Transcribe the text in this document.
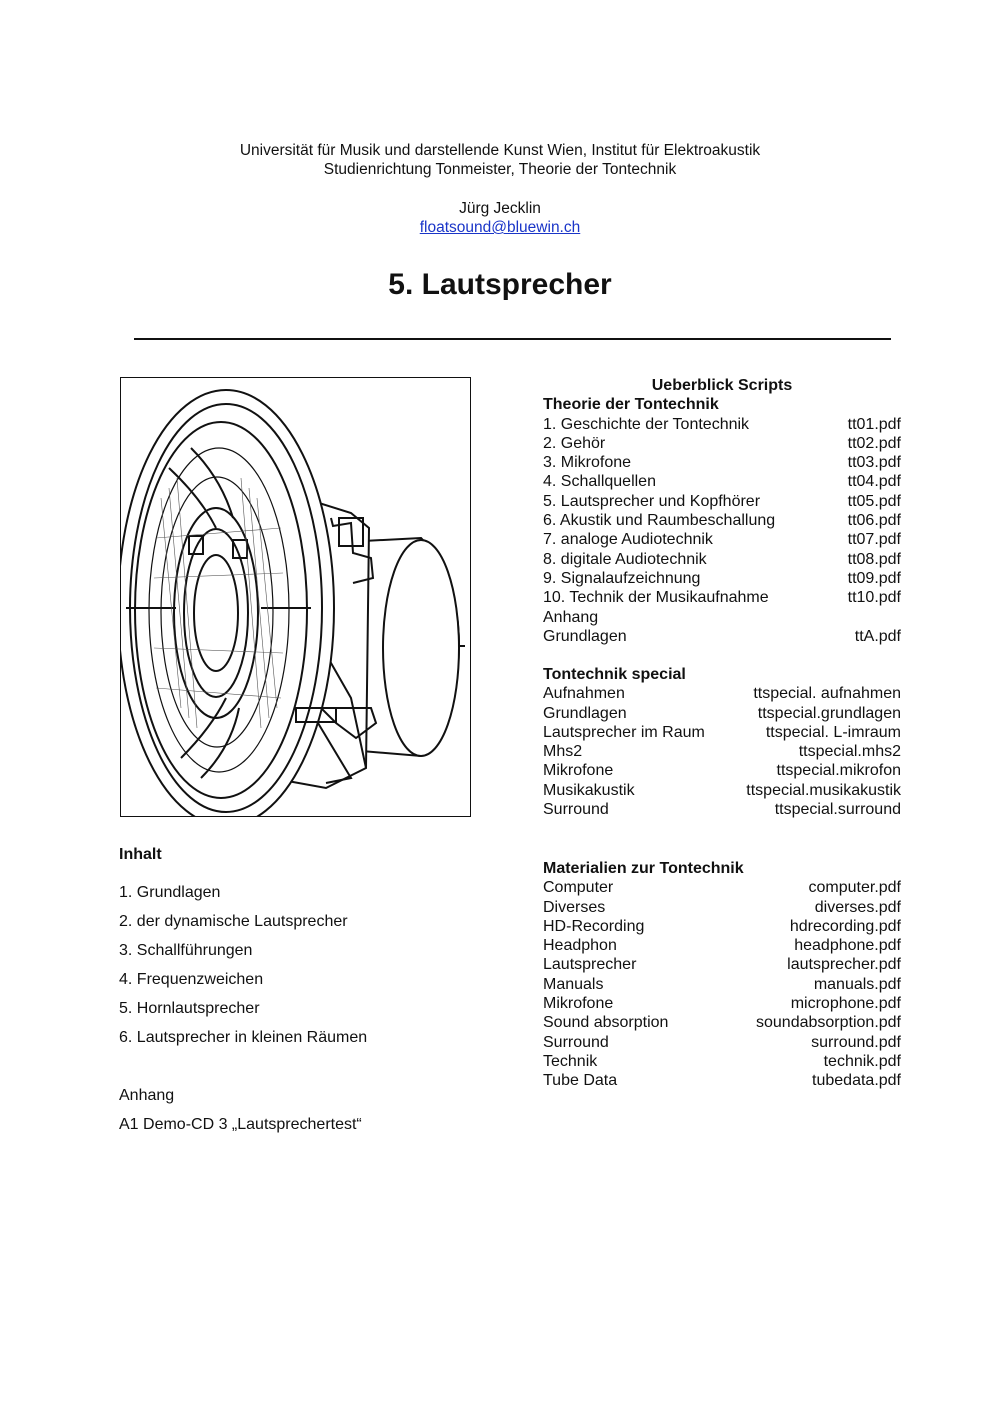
Universität für Musik und darstellende Kunst Wien, Institut für Elektroakustik
Studienrichtung Tonmeister, Theorie der Tontechnik
Jürg Jecklin
floatsound@bluewin.ch
5. Lautsprecher
Inhalt
1. Grundlagen
2. der dynamische Lautsprecher
3. Schallführungen
4. Frequenzweichen
5. Hornlautsprecher
6. Lautsprecher in kleinen Räumen
Anhang
A1 Demo-CD 3 „Lautsprechertest“
Ueberblick Scripts
Theorie der Tontechnik
1. Geschichte der Tontechnik	tt01.pdf
2. Gehör	tt02.pdf
3. Mikrofone	tt03.pdf
4. Schallquellen	tt04.pdf
5. Lautsprecher und Kopfhörer	tt05.pdf
6. Akustik und Raumbeschallung	tt06.pdf
7. analoge Audiotechnik	tt07.pdf
8. digitale Audiotechnik	tt08.pdf
9. Signalaufzeichnung	tt09.pdf
10. Technik der Musikaufnahme	tt10.pdf
Anhang
Grundlagen	ttA.pdf
Tontechnik special
Aufnahmen	ttspecial. aufnahmen
Grundlagen	ttspecial.grundlagen
Lautsprecher im Raum	ttspecial. L-imraum
Mhs2	ttspecial.mhs2
Mikrofone	ttspecial.mikrofon
Musikakustik	ttspecial.musikakustik
Surround	ttspecial.surround
Materialien zur Tontechnik
Computer	computer.pdf
Diverses	diverses.pdf
HD-Recording	hdrecording.pdf
Headphon	headphone.pdf
Lautsprecher	lautsprecher.pdf
Manuals	manuals.pdf
Mikrofone	microphone.pdf
Sound absorption	soundabsorption.pdf
Surround	surround.pdf
Technik	technik.pdf
Tube Data	tubedata.pdf
